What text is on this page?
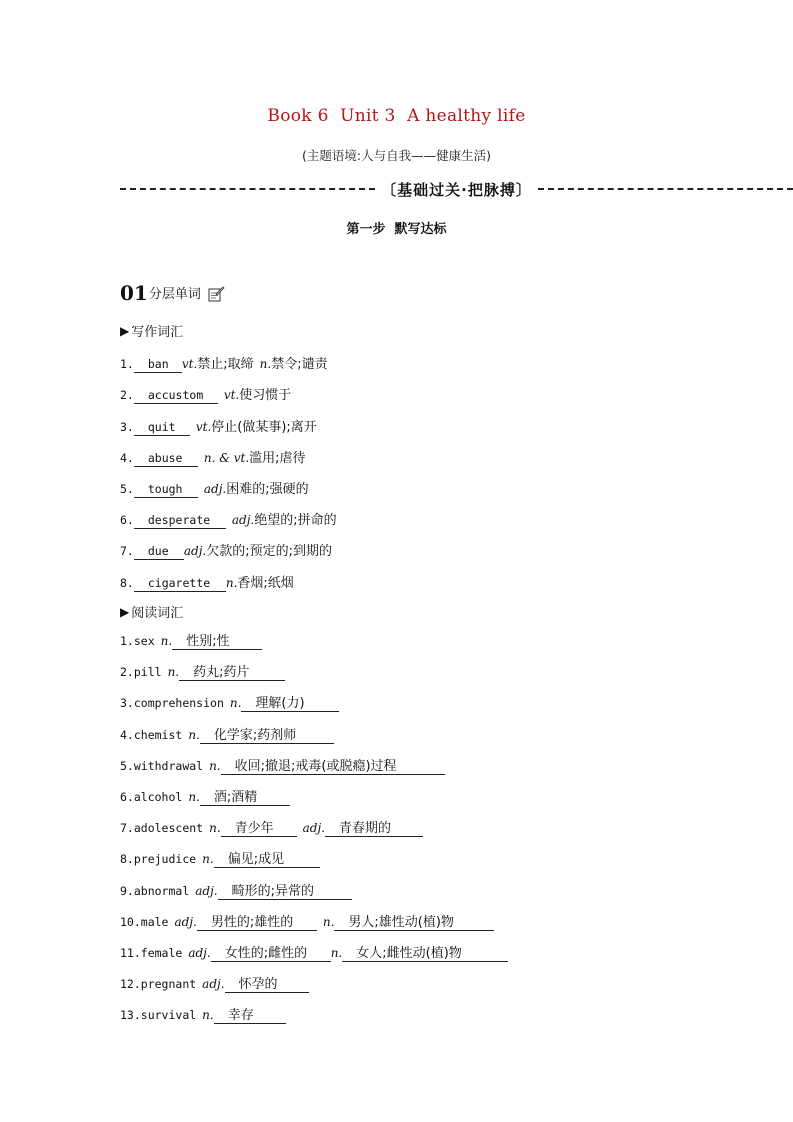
Book 6  Unit 3  A healthy life
(主题语境:人与自我——健康生活)
〔基础过关·把脉搏〕
第一步  默写达标
01 分层单词
▶ 写作词汇
1.	ban	vt. 禁止;取缔 n. 禁令;谴责
2.	accustom	vt. 使习惯于
3.	quit	vt. 停止(做某事);离开
4.	abuse	n. & vt. 滥用;虐待
5.	tough	adj. 困难的;强硬的
6.	desperate	adj. 绝望的;拼命的
7.	due	adj. 欠款的;预定的;到期的
8.	cigarette	n. 香烟;纸烟
▶ 阅读词汇
1. sex n.	性别;性
2. pill n.	药丸;药片
3. comprehension n.	理解(力)
4. chemist n.	化学家;药剂师
5. withdrawal n.	收回;撤退;戒毒(或脱瘾)过程
6. alcohol n.	酒;酒精
7. adolescent n.	青少年	adj.	青春期的
8. prejudice n.	偏见;成见
9. abnormal adj.	畸形的;异常的
10. male adj.	男性的;雄性的	n.	男人;雄性动(植)物
11. female adj.	女性的;雌性的	n.	女人;雌性动(植)物
12. pregnant adj.	怀孕的
13. survival n.	幸存
